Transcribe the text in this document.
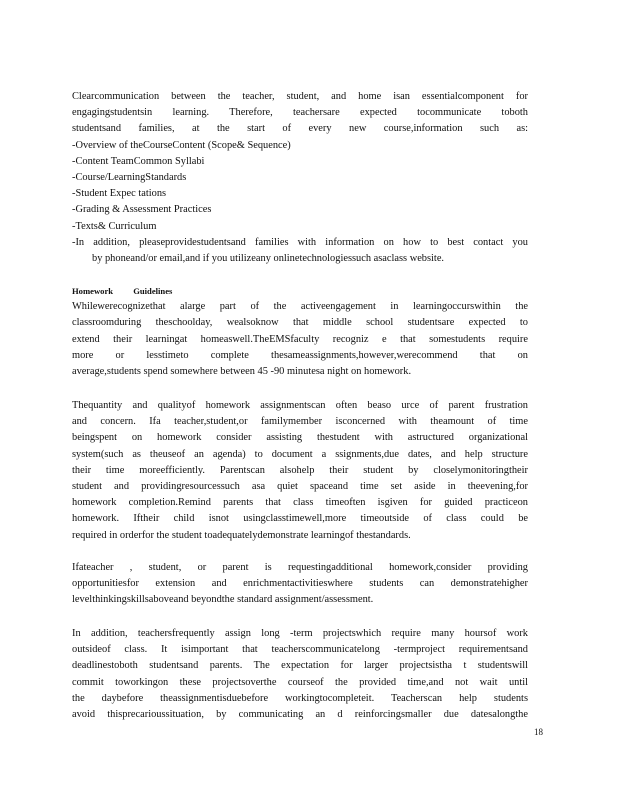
Clearcommunication between the teacher, student, and home isan essentialcomponent for
engagingstudentsin learning. Therefore, teachersare expected tocommunicate toboth
studentsand families, at the start of every new course,information such as:
-Overview of theCourseContent (Scope& Sequence)
-Content TeamCommon Syllabi
-Course/LearningStandards
-Student Expec tations
-Grading & Assessment Practices
-Texts& Curriculum
-In addition, pleaseprovidestudentsand families with information on how to best contact you
by phoneand/or email,and if you utilizeany onlinetechnologiessuch asaclass website.
Homework Guidelines
Whilewerecognizethat alarge part of the activeengagement in learningoccurswithin the
classroomduring theschoolday, wealsoknow that middle school studentsare expected to
extend their learningat homeaswell.TheEMSfaculty recogniz e that somestudents require
more or lesstimeto complete thesameassignments,however,werecommend that on
average,students spend somewhere between 45 -90 minutesa night on homework.
Thequantity and qualityof homework assignmentscan often beaso urce of parent frustration
and concern. Ifa teacher,student,or familymember isconcerned with theamount of time
beingspent on homework consider assisting thestudent with astructured organizational
system(such as theuseof an agenda) to document a ssignments,due dates, and help structure
their time moreefficiently. Parentscan alsohelp their student by closelymonitoringtheir
student and providingresourcessuch asa quiet spaceand time set aside in theevening,for
homework completion.Remind parents that class timeoften isgiven for guided practiceon
homework. Iftheir child isnot usingclasstimewell,more timeoutside of class could be
required in orderfor the student toadequatelydemonstrate learningof thestandards.
Ifateacher , student, or parent is requestingadditional homework,consider providing
opportunitiesfor extension and enrichmentactivitieswhere students can demonstratehigher
levelthinkingskillsaboveand beyondthe standard assignment/assessment.
In addition, teachersfrequently assign long -term projectswhich require many hoursof work
outsideof class. It isimportant that teacherscommunicatelong -termproject requirementsand
deadlinestoboth studentsand parents. The expectation for larger projectsistha t studentswill
commit toworkingon these projectsoverthe courseof the provided time,and not wait until
the daybefore theassignmentisduebefore workingtocompleteit. Teacherscan help students
avoid thisprecarioussituation, by communicating an d reinforcingsmaller due datesalongthe
18
